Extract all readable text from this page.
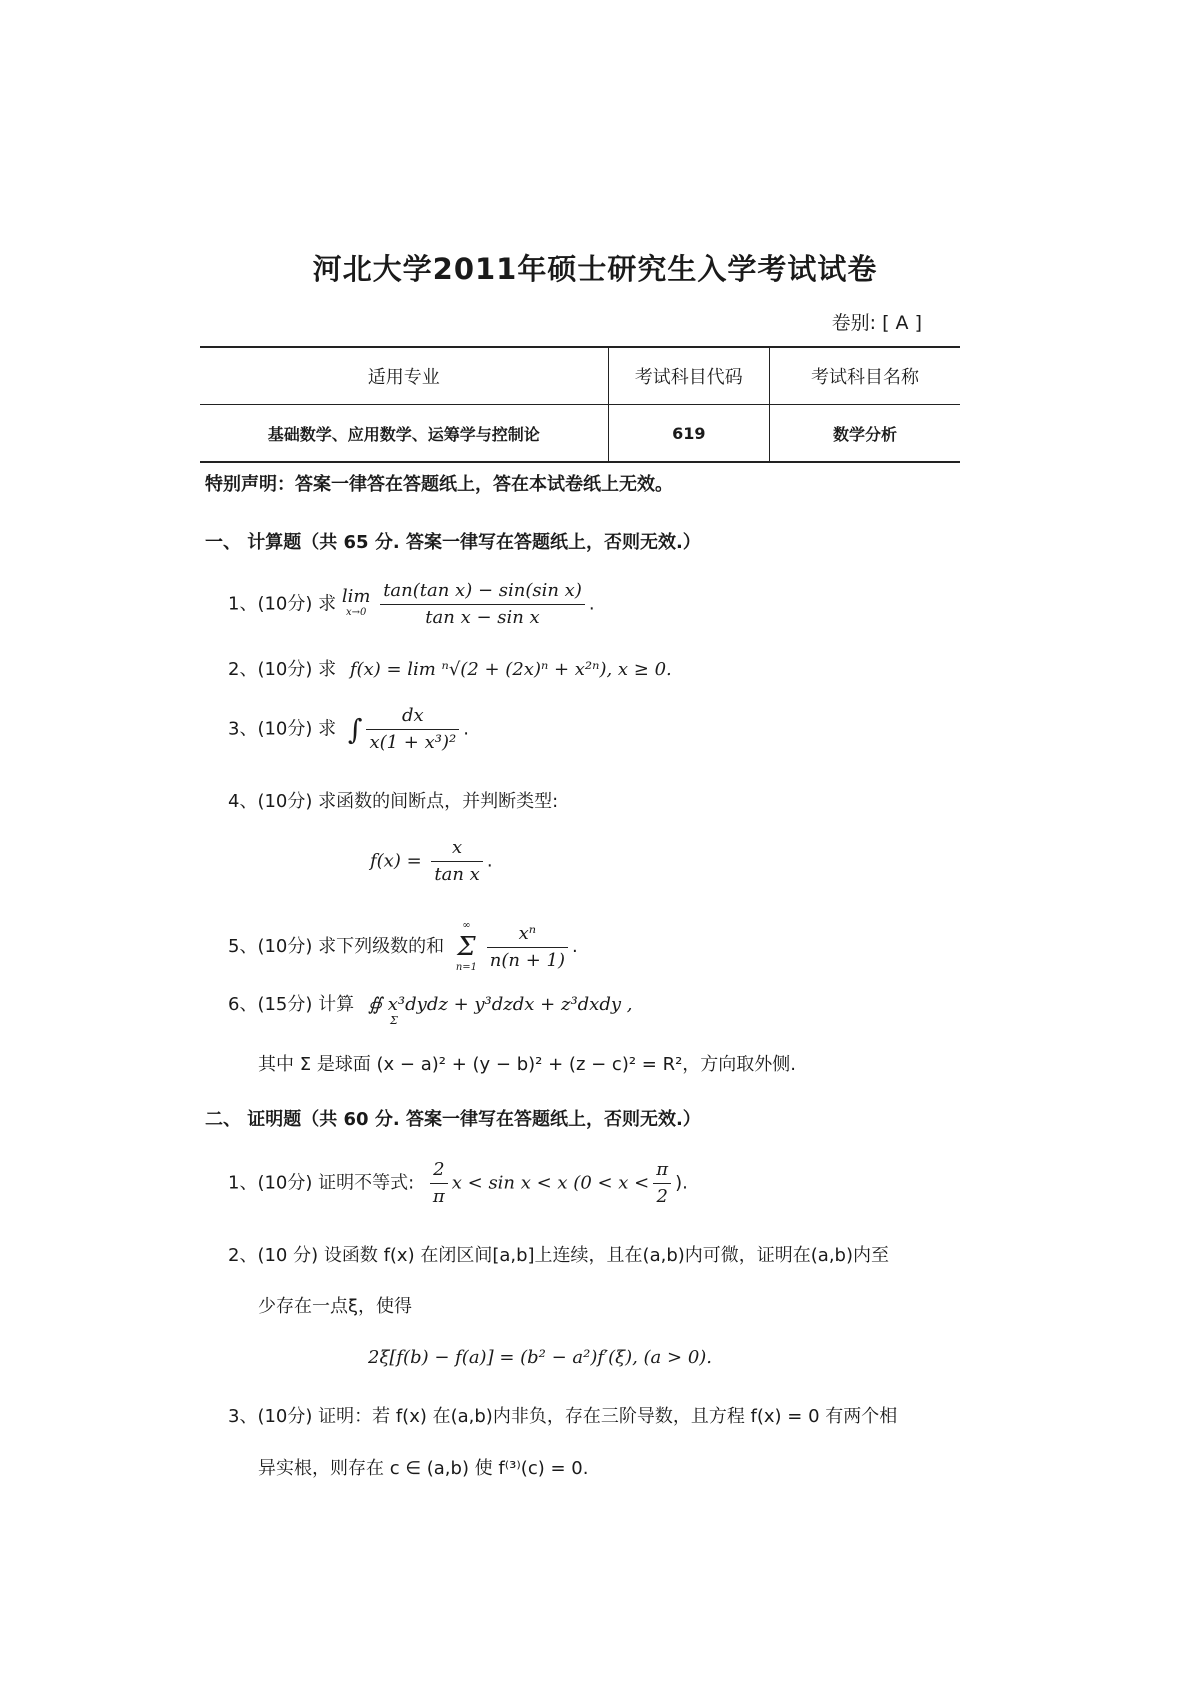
河北大学2011年硕士研究生入学考试试卷
卷别: [ A ]
适用专业	考试科目代码	考试科目名称
基础数学、应用数学、运筹学与控制论	619	数学分析
特别声明：答案一律答在答题纸上，答在本试卷纸上无效。
一、 计算题（共 65 分. 答案一律写在答题纸上，否则无效.）
1、(10分) 求 lim
x→0
$\frac{\text{tan(tan x) − sin(sin x)}}{\text{tan x − sin x}}$ .
2、(10分) 求 f(x) = lim ⁿ√(2 + (2x)ⁿ + x²ⁿ), x ≥ 0.
3、(10分) 求 ∫ $\frac{dx}{\text{x(1 + x³)²}}$ .
4、(10分) 求函数的间断点，并判断类型:
$f(x) = \frac{x}{\text{tan x}}$ .
5、(10分) 求下列级数的和
∞
Σ
n=1
$\frac{\text{xⁿ}}{n(n + 1)}$ .
6、(15分) 计算 ∯ x³dydz + y³dzdx + z³dxdy ,
Σ
其中 Σ 是球面 (x − a)² + (y − b)² + (z − c)² = R²，方向取外侧.
二、 证明题（共 60 分. 答案一律写在答题纸上，否则无效.）
1、(10分) 证明不等式: $\frac{2}{\pi}$ x < sin x < x ($0 < x < \frac{\pi}{2}$ ).
2、(10 分) 设函数 f(x) 在闭区间[a,b]上连续，且在(a,b)内可微，证明在(a,b)内至
少存在一点ξ，使得
2ξ[f(b) − f(a)] = (b² − a²)f′(ξ), (a > 0).
3、(10分) 证明：若 f(x) 在(a,b)内非负，存在三阶导数，且方程 f(x) = 0 有两个相
异实根，则存在 c ∈ (a,b) 使 f⁽³⁾(c) = 0.
